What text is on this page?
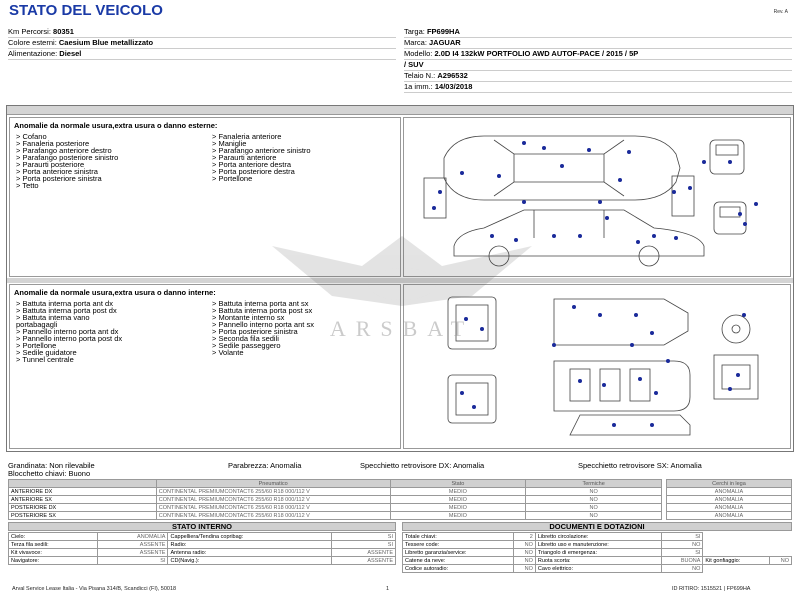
STATO DEL VEICOLO	Rev. A
Km Percorsi: 80351
Colore esterni: Caesium Blue metallizzato
Alimentazione: Diesel
Targa: FP699HA
Marca: JAGUAR
Modello: 2.0D I4 132kW PORTFOLIO AWD AUTOF-PACE / 2015 / 5P
/ SUV
Telaio N.: A296532
1a imm.: 14/03/2018
Anomalie da normale usura,extra usura o danno esterne:
> Cofano
> Fanaleria posteriore
> Parafango anteriore destro
> Parafango posteriore sinistro
> Paraurti posteriore
> Porta anteriore sinistra
> Porta posteriore sinistra
> Tetto
> Fanaleria anteriore
> Maniglie
> Parafango anteriore sinistro
> Paraurti anteriore
> Porta anteriore destra
> Porta posteriore destra
> Portellone
Anomalie da normale usura,extra usura o danno interne:
> Battuta interna porta ant dx
> Battuta interna porta post dx
> Battuta interna vano
portabagagli
> Pannello interno porta ant dx
> Pannello interno porta post dx
> Portellone
> Sedile guidatore
> Tunnel centrale
> Battuta interna porta ant sx
> Battuta interna porta post sx
> Montante interno sx
> Pannello interno porta ant sx
> Porta posteriore sinistra
> Seconda fila sedili
> Sedile passeggero
> Volante
ARSBAT
Grandinata: Non rilevabile
Blocchetto chiavi: Buono
Parabrezza: Anomalia	Specchietto retrovisore DX: Anomalia	Specchietto retrovisore SX: Anomalia
	Pneumatico	Stato	Termiche
ANTERIORE DX	CONTINENTAL PREMIUMCONTACT6 255/60 R18 000/112 V	MEDIO	NO
ANTERIORE SX	CONTINENTAL PREMIUMCONTACT6 255/60 R18 000/112 V	MEDIO	NO
POSTERIORE DX	CONTINENTAL PREMIUMCONTACT6 255/60 R18 000/112 V	MEDIO	NO
POSTERIORE SX	CONTINENTAL PREMIUMCONTACT6 255/60 R18 000/112 V	MEDIO	NO
Cerchi in lega
ANOMALIA
ANOMALIA
ANOMALIA
ANOMALIA
STATO INTERNO
Cielo:	ANOMALIA	Cappelliera/Tendina copribag:	SI
Terza fila sedili:	ASSENTE	Radio:	SI
Kit vivavoce:	ASSENTE	Antenna radio:	ASSENTE
Navigatore:	SI	CD(Navig.):	ASSENTE
DOCUMENTI E DOTAZIONI
Totale chiavi:	2	Libretto circolazione:	SI		
Tessere code:	NO	Libretto uso e manutenzione:	NO		
Libretto garanzia/service:	NO	Triangolo di emergenza:	SI		
Catene da neve:	NO	Ruota scorta:	BUONA	Kit gonfiaggio:	NO
Codice autoradio:	NO	Cavo elettrico:	NO		
Arval Service Lease Italia - Via Pisana 314/B, Scandicci (FI), 50018	1	ID RITIRO: 1515521 | FP699HA
